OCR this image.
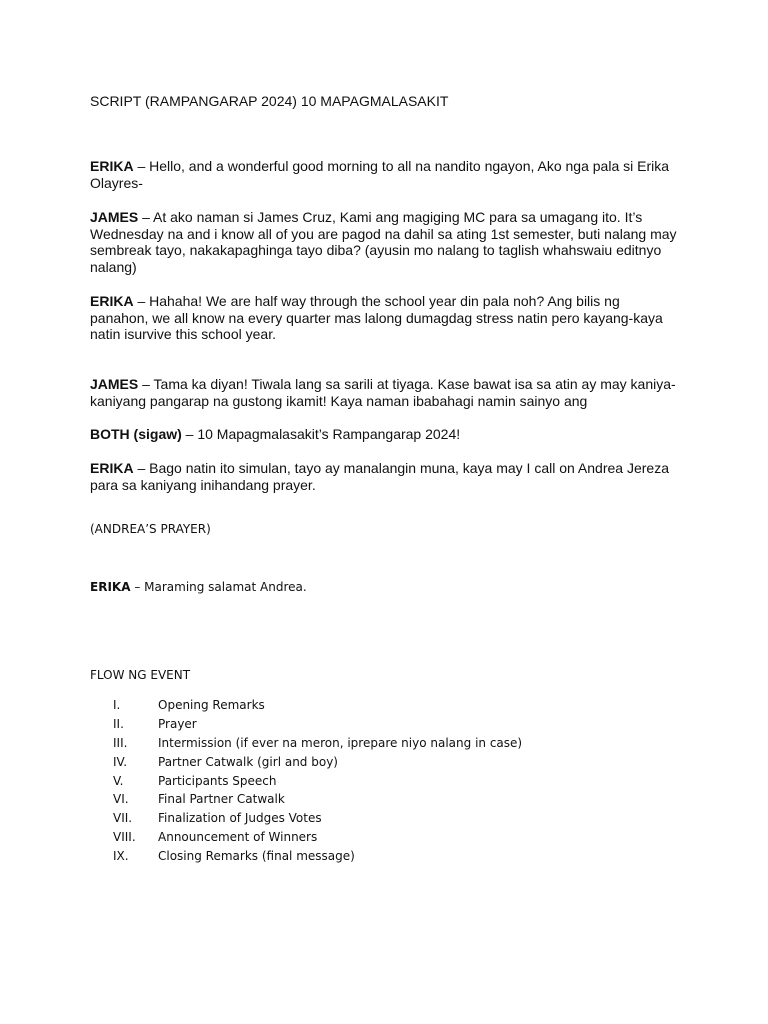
SCRIPT (RAMPANGARAP 2024) 10 MAPAGMALASAKIT

ERIKA – Hello, and a wonderful good morning to all na nandito ngayon, Ako nga pala si Erika Olayres-

JAMES – At ako naman si James Cruz, Kami ang magiging MC para sa umagang ito. It’s Wednesday na and i know all of you are pagod na dahil sa ating 1st semester, buti nalang may sembreak tayo, nakakapaghinga tayo diba? (ayusin mo nalang to taglish whahswaiu editnyo nalang)

ERIKA – Hahaha! We are half way through the school year din pala noh? Ang bilis ng panahon, we all know na every quarter mas lalong dumagdag stress natin pero kayang-kaya natin isurvive this school year.

JAMES – Tama ka diyan! Tiwala lang sa sarili at tiyaga. Kase bawat isa sa atin ay may kaniya-kaniyang pangarap na gustong ikamit! Kaya naman ibabahagi namin sainyo ang

BOTH (sigaw) – 10 Mapagmalasakit’s Rampangarap 2024!

ERIKA – Bago natin ito simulan, tayo ay manalangin muna, kaya may I call on Andrea Jereza para sa kaniyang inihandang prayer.

(ANDREA’S PRAYER)
ERIKA – Maraming salamat Andrea.
FLOW NG EVENT
I.	Opening Remarks
II.	Prayer
III.	Intermission (if ever na meron, iprepare niyo nalang in case)
IV.	Partner Catwalk (girl and boy)
V.	Participants Speech
VI.	Final Partner Catwalk
VII.	Finalization of Judges Votes
VIII.	Announcement of Winners
IX.	Closing Remarks (final message)
